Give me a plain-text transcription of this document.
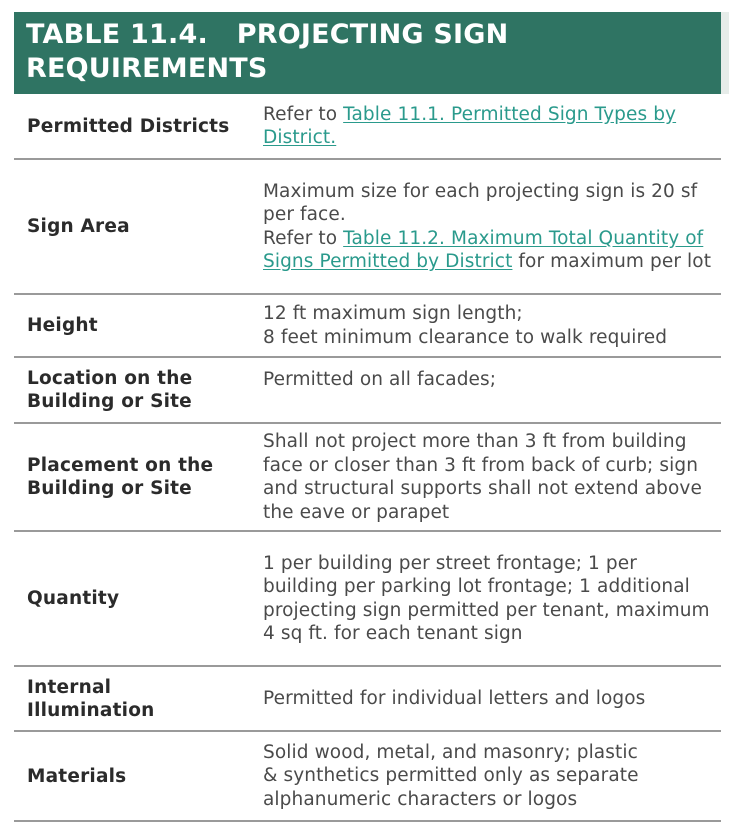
TABLE 11.4.   PROJECTING SIGN
REQUIREMENTS
Permitted Districts
Refer to Table 11.1. Permitted Sign Types by District.
Sign Area
Maximum size for each projecting sign is 20 sf per face.
Refer to Table 11.2. Maximum Total Quantity of Signs Permitted by District for maximum per lot
Height
12 ft maximum sign length;
8 feet minimum clearance to walk required
Location on the
Building or Site
Permitted on all facades;
Placement on the
Building or Site
Shall not project more than 3 ft from building face or closer than 3 ft from back of curb; sign and structural supports shall not extend above the eave or parapet
Quantity
1 per building per street frontage; 1 per building per parking lot frontage; 1 additional projecting sign permitted per tenant, maximum 4 sq ft. for each tenant sign
Internal
Illumination
Permitted for individual letters and logos
Materials
Solid wood, metal, and masonry; plastic
& synthetics permitted only as separate
alphanumeric characters or logos
